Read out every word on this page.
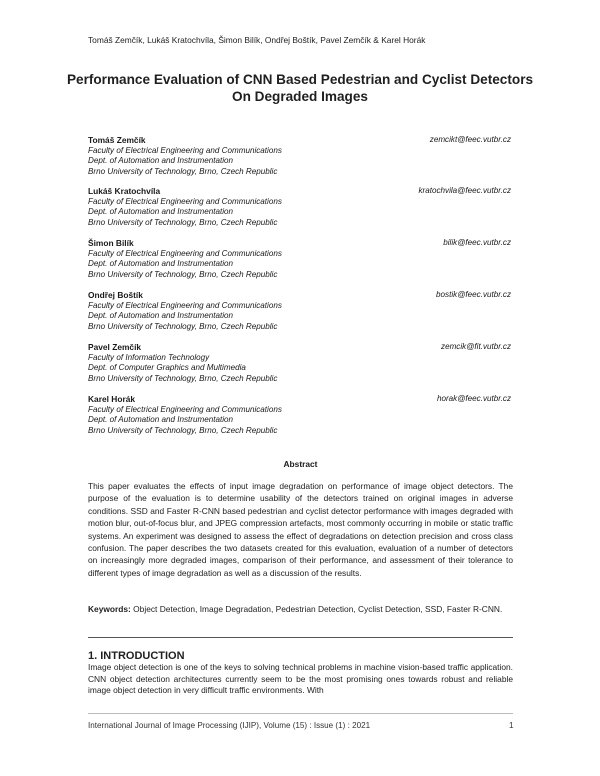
Tomáš Zemčík, Lukáš Kratochvíla, Šimon Bilík, Ondřej Boštík, Pavel Zemčík & Karel Horák
Performance Evaluation of CNN Based Pedestrian and Cyclist Detectors On Degraded Images
Tomáš Zemčík	zemcikt@feec.vutbr.cz
Faculty of Electrical Engineering and Communications
Dept. of Automation and Instrumentation
Brno University of Technology, Brno, Czech Republic
Lukáš Kratochvíla	kratochvila@feec.vutbr.cz
Faculty of Electrical Engineering and Communications
Dept. of Automation and Instrumentation
Brno University of Technology, Brno, Czech Republic
Šimon Bilík	bilik@feec.vutbr.cz
Faculty of Electrical Engineering and Communications
Dept. of Automation and Instrumentation
Brno University of Technology, Brno, Czech Republic
Ondřej Boštík	bostik@feec.vutbr.cz
Faculty of Electrical Engineering and Communications
Dept. of Automation and Instrumentation
Brno University of Technology, Brno, Czech Republic
Pavel Zemčík	zemcik@fit.vutbr.cz
Faculty of Information Technology
Dept. of Computer Graphics and Multimedia
Brno University of Technology, Brno, Czech Republic
Karel Horák	horak@feec.vutbr.cz
Faculty of Electrical Engineering and Communications
Dept. of Automation and Instrumentation
Brno University of Technology, Brno, Czech Republic
Abstract
This paper evaluates the effects of input image degradation on performance of image object detectors. The purpose of the evaluation is to determine usability of the detectors trained on original images in adverse conditions. SSD and Faster R-CNN based pedestrian and cyclist detector performance with images degraded with motion blur, out-of-focus blur, and JPEG compression artefacts, most commonly occurring in mobile or static traffic systems. An experiment was designed to assess the effect of degradations on detection precision and cross class confusion. The paper describes the two datasets created for this evaluation, evaluation of a number of detectors on increasingly more degraded images, comparison of their performance, and assessment of their tolerance to different types of image degradation as well as a discussion of the results.
Keywords: Object Detection, Image Degradation, Pedestrian Detection, Cyclist Detection, SSD, Faster R-CNN.
1. INTRODUCTION
Image object detection is one of the keys to solving technical problems in machine vision-based traffic application. CNN object detection architectures currently seem to be the most promising ones towards robust and reliable image object detection in very difficult traffic environments. With
International Journal of Image Processing (IJIP), Volume (15) : Issue (1) : 2021	1
